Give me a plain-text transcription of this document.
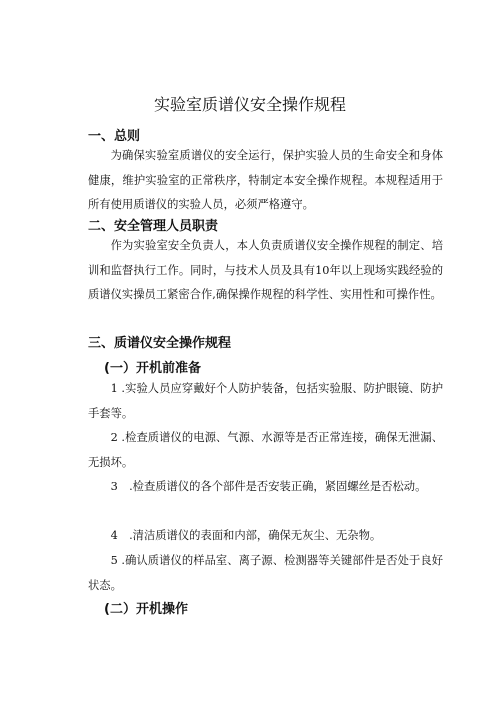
实验室质谱仪安全操作规程
一、总则
为确保实验室质谱仪的安全运行，保护实验人员的生命安全和身体健康，维护实验室的正常秩序，特制定本安全操作规程。本规程适用于所有使用质谱仪的实验人员，必须严格遵守。
二、安全管理人员职责
作为实验室安全负责人，本人负责质谱仪安全操作规程的制定、培训和监督执行工作。同时，与技术人员及具有10年以上现场实践经验的质谱仪实操员工紧密合作,确保操作规程的科学性、实用性和可操作性。
三、质谱仪安全操作规程
(一）开机前准备
1 .实验人员应穿戴好个人防护装备，包括实验服、防护眼镜、防护手套等。
2 .检查质谱仪的电源、气源、水源等是否正常连接，确保无泄漏、无损坏。
3　.检查质谱仪的各个部件是否安装正确，紧固螺丝是否松动。
4　.清洁质谱仪的表面和内部，确保无灰尘、无杂物。
5 .确认质谱仪的样品室、离子源、检测器等关键部件是否处于良好状态。
(二）开机操作
